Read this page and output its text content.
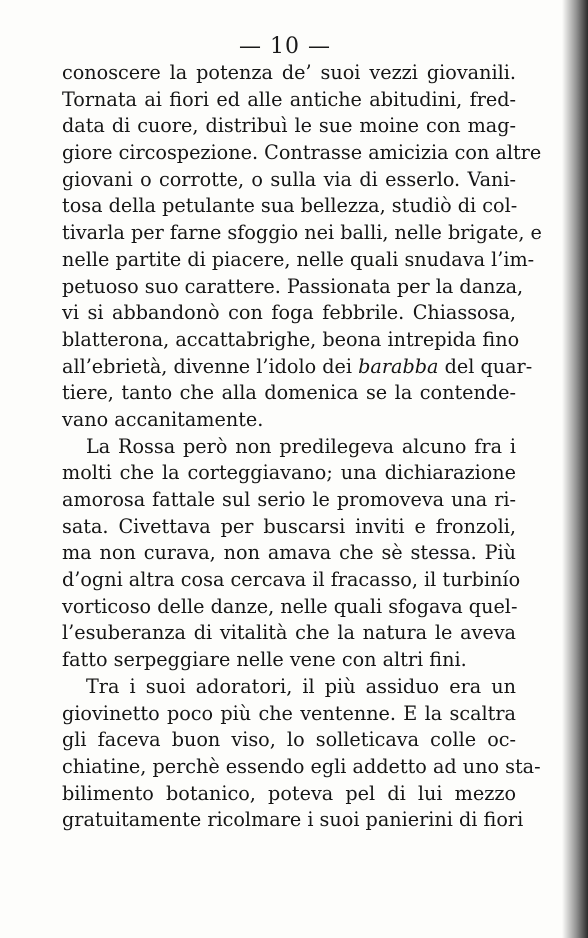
— 10 —
conoscere la potenza de’ suoi vezzi giovanili.
Tornata ai fiori ed alle antiche abitudini, fred-
data di cuore, distribuì le sue moine con mag-
giore circospezione. Contrasse amicizia con altre
giovani o corrotte, o sulla via di esserlo. Vani-
tosa della petulante sua bellezza, studiò di col-
tivarla per farne sfoggio nei balli, nelle brigate, e
nelle partite di piacere, nelle quali snudava l’im-
petuoso suo carattere. Passionata per la danza,
vi si abbandonò con foga febbrile. Chiassosa,
blatterona, accattabrighe, beona intrepida fino
all’ebrietà, divenne l’idolo dei barabba del quar-
tiere, tanto che alla domenica se la contende-
vano accanitamente.
La Rossa però non predilegeva alcuno fra i
molti che la corteggiavano; una dichiarazione
amorosa fattale sul serio le promoveva una ri-
sata. Civettava per buscarsi inviti e fronzoli,
ma non curava, non amava che sè stessa. Più
d’ogni altra cosa cercava il fracasso, il turbinío
vorticoso delle danze, nelle quali sfogava quel-
l’esuberanza di vitalità che la natura le aveva
fatto serpeggiare nelle vene con altri fini.
Tra i suoi adoratori, il più assiduo era un
giovinetto poco più che ventenne. E la scaltra
gli faceva buon viso, lo solleticava colle oc-
chiatine, perchè essendo egli addetto ad uno sta-
bilimento botanico, poteva pel di lui mezzo
gratuitamente ricolmare i suoi panierini di fiori
